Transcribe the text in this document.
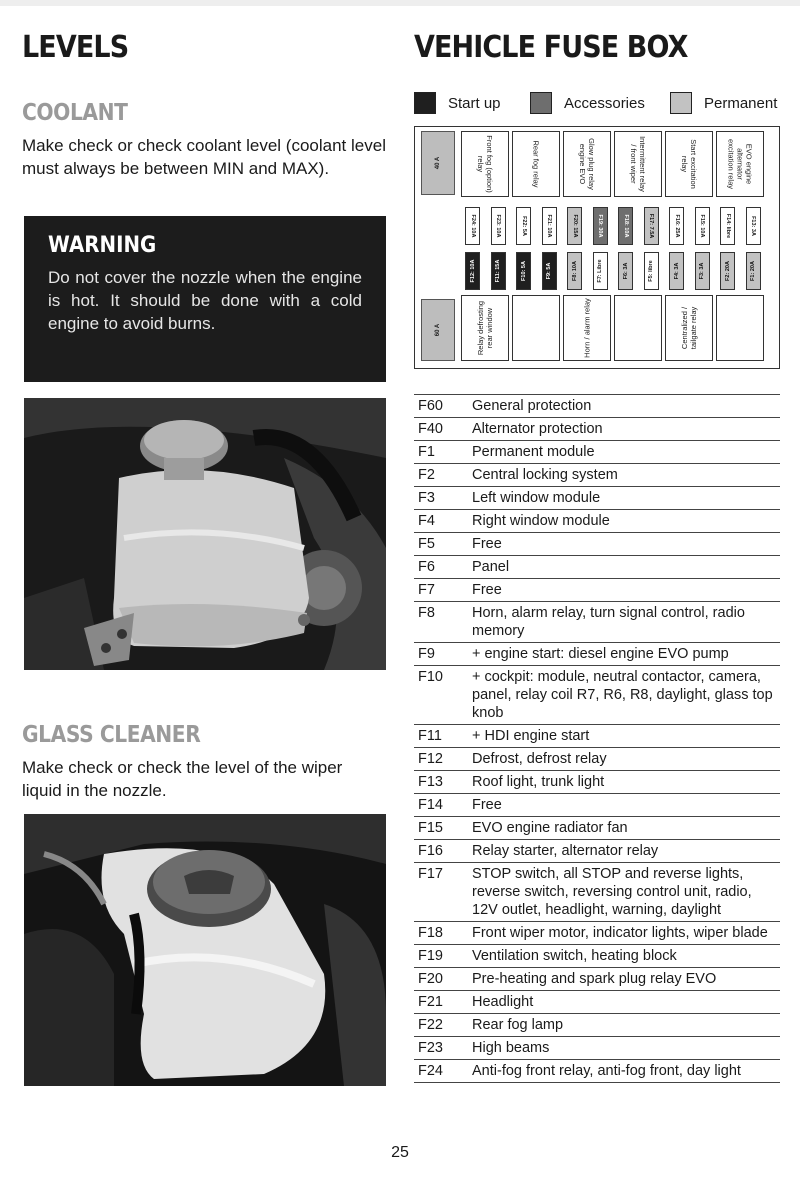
LEVELS
COOLANT

Make check or check coolant level (coolant level must always be between MIN and MAX).

WARNING
Do not cover the nozzle when the engine is hot. It should be done with a cold engine to avoid burns.
GLASS CLEANER

Make check or check the level of the wiper liquid in the nozzle.

VEHICLE FUSE BOX
Start up	Accessories	Permanent
40 A
60 A
Front fog (option) relay	Rear fog relay	Glow plug relay engine EVO	Intermittent relay / front wiper	Start excitation relay	EVO engine alternator excitation relay
F24: 10A	F23: 10A	F22: 5A	F21: 10A	F20: 15A	F19: 30A	F18: 10A	F17: 7.5A	F16: 25A	F15: 10A	F14: libre	F13: 3A
F12: 10A	F11: 15A	F10: 5A	F9: 5A	F8: 10A	F7: Libre	F6: 3A	F5: libre	F4: 3A	F3: 3A	F2: 20A	F1: 20A
Relay defrosting rear window	Horn / alarm relay	Centralized / tailgate relay
F60	General protection
F40	Alternator protection
F1	Permanent module
F2	Central locking system
F3	Left window module
F4	Right window module
F5	Free
F6	Panel
F7	Free
F8	Horn, alarm relay, turn signal control, radio memory
F9	+ engine start: diesel engine EVO pump
F10	+ cockpit: module, neutral contactor, camera, panel, relay coil R7, R6, R8, daylight, glass top knob
F11	+ HDI engine start
F12	Defrost, defrost relay
F13	Roof light, trunk light
F14	Free
F15	EVO engine radiator fan
F16	Relay starter, alternator relay
F17	STOP switch, all STOP and reverse lights, reverse switch, reversing control unit, radio, 12V outlet, headlight, warning, daylight
F18	Front wiper motor, indicator lights, wiper blade
F19	Ventilation switch, heating block
F20	Pre-heating and spark plug relay EVO
F21	Headlight
F22	Rear fog lamp
F23	High beams
F24	Anti-fog front relay, anti-fog front, day light
25
